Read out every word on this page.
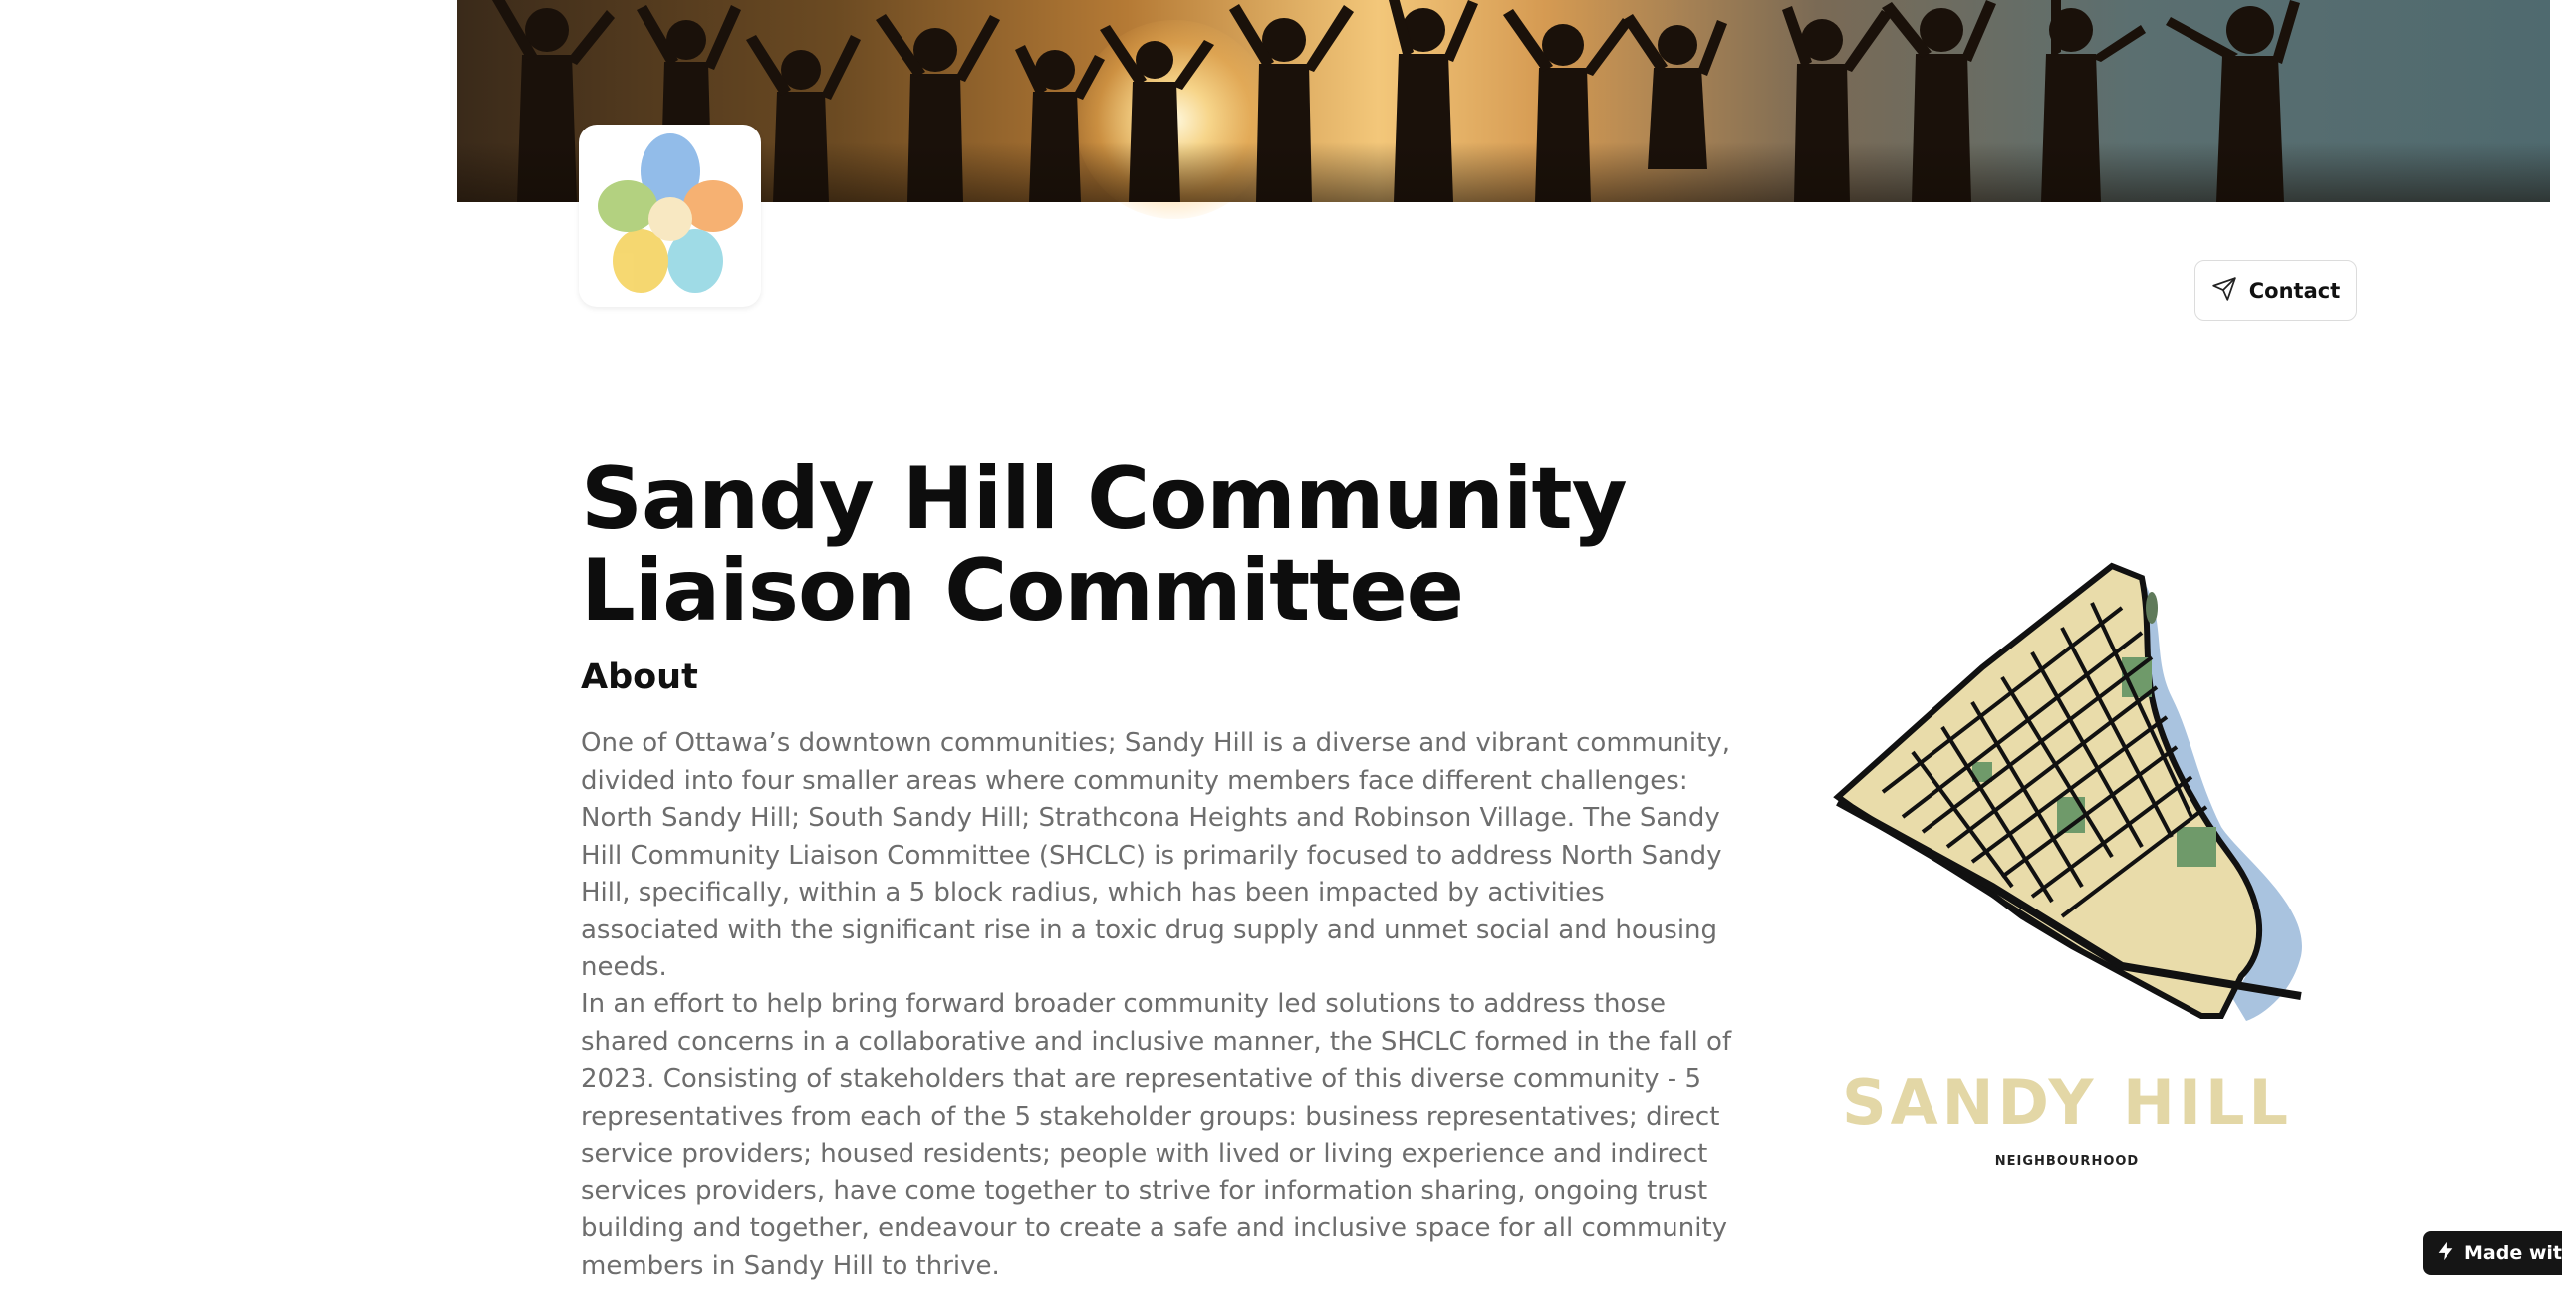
Contact
Sandy Hill Community Liaison Committee
About

One of Ottawa’s downtown communities; Sandy Hill is a diverse and vibrant community, divided into four smaller areas where community members face different challenges: North Sandy Hill; South Sandy Hill; Strathcona Heights and Robinson Village. The Sandy Hill Community Liaison Committee (SHCLC) is primarily focused to address North Sandy Hill, specifically, within a 5 block radius, which has been impacted by activities associated with the significant rise in a toxic drug supply and unmet social and housing needs.

In an effort to help bring forward broader community led solutions to address those shared concerns in a collaborative and inclusive manner, the SHCLC formed in the fall of 2023. Consisting of stakeholders that are representative of this diverse community - 5 representatives from each of the 5 stakeholder groups: business representatives; direct service providers; housed residents; people with lived or living experience and indirect services providers, have come together to strive for information sharing, ongoing trust building and together, endeavour to create a safe and inclusive space for all community members in Sandy Hill to thrive.

SANDY HILL

NEIGHBOURHOOD

Made with
